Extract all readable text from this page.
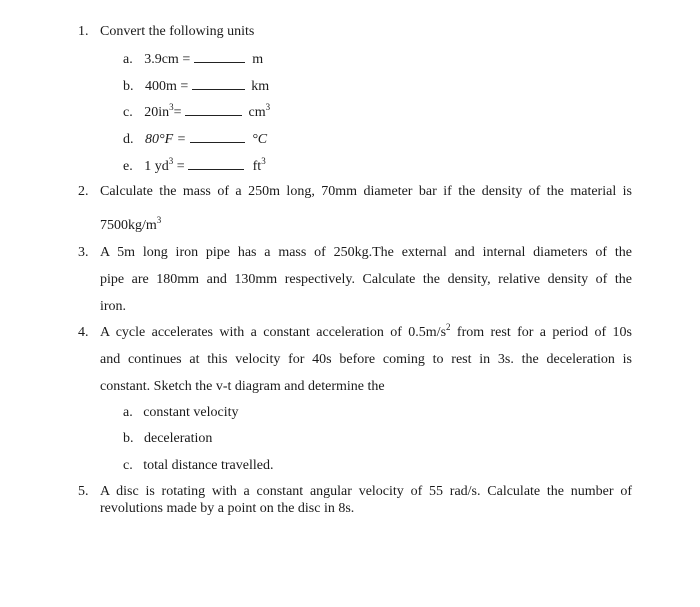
1. Convert the following units
a. 3.9cm =	m
b. 400m =	km
c. $20in^3=$	$cm^3$
d. 80°F =	°C
e. 1 $yd^3$ =	$ft^3$
2. Calculate the mass of a 250m long, 70mm diameter bar if the density of the material is
$7500kg/m^3$
3. A 5m long iron pipe has a mass of 250kg.The external and internal diameters of the
pipe are 180mm and 130mm respectively. Calculate the density, relative density of the
iron.
4. A cycle accelerates with a constant acceleration of $0.5m/s^2$ from rest for a period of 10s
and continues at this velocity for 40s before coming to rest in 3s. the deceleration is
constant. Sketch the v-t diagram and determine the
a. constant velocity
b. deceleration
c. total distance travelled.
5. A disc is rotating with a constant angular velocity of 55 rad/s. Calculate the number of
revolutions made by a point on the disc in 8s.
